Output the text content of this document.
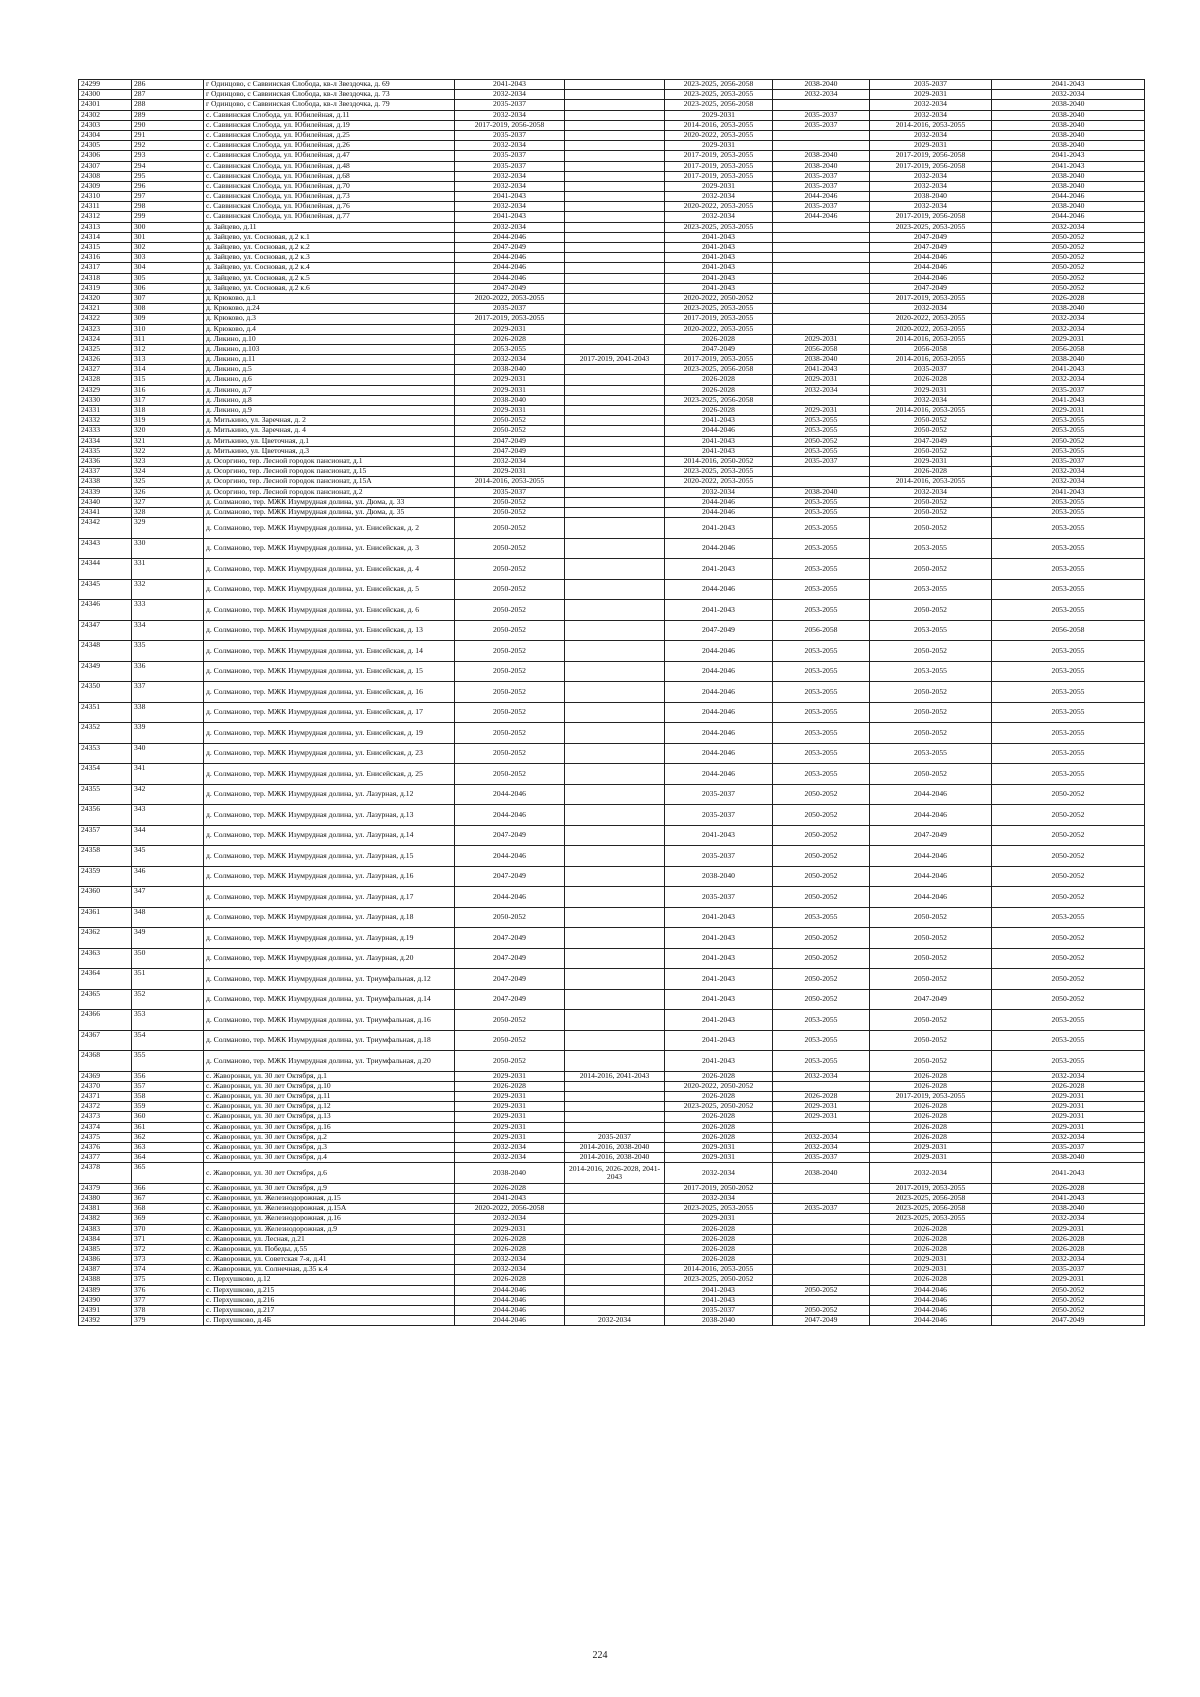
24299	286	г Одинцово, с Саввинская Слобода, кв-л Звездочка, д. 69	2041-2043		2023-2025, 2056-2058	2038-2040	2035-2037	2041-2043
24300	287	г Одинцово, с Саввинская Слобода, кв-л Звездочка, д. 73	2032-2034		2023-2025, 2053-2055	2032-2034	2029-2031	2032-2034
24301	288	г Одинцово, с Саввинская Слобода, кв-л Звездочка, д. 79	2035-2037		2023-2025, 2056-2058		2032-2034	2038-2040
24302	289	с. Саввинская Слобода, ул. Юбилейная, д.11	2032-2034		2029-2031	2035-2037	2032-2034	2038-2040
24303	290	с. Саввинская Слобода, ул. Юбилейная, д.19	2017-2019, 2056-2058		2014-2016, 2053-2055	2035-2037	2014-2016, 2053-2055	2038-2040
24304	291	с. Саввинская Слобода, ул. Юбилейная, д.25	2035-2037		2020-2022, 2053-2055		2032-2034	2038-2040
24305	292	с. Саввинская Слобода, ул. Юбилейная, д.26	2032-2034		2029-2031		2029-2031	2038-2040
24306	293	с. Саввинская Слобода, ул. Юбилейная, д.47	2035-2037		2017-2019, 2053-2055	2038-2040	2017-2019, 2056-2058	2041-2043
24307	294	с. Саввинская Слобода, ул. Юбилейная, д.48	2035-2037		2017-2019, 2053-2055	2038-2040	2017-2019, 2056-2058	2041-2043
24308	295	с. Саввинская Слобода, ул. Юбилейная, д.68	2032-2034		2017-2019, 2053-2055	2035-2037	2032-2034	2038-2040
24309	296	с. Саввинская Слобода, ул. Юбилейная, д.70	2032-2034		2029-2031	2035-2037	2032-2034	2038-2040
24310	297	с. Саввинская Слобода, ул. Юбилейная, д.73	2041-2043		2032-2034	2044-2046	2038-2040	2044-2046
24311	298	с. Саввинская Слобода, ул. Юбилейная, д.76	2032-2034		2020-2022, 2053-2055	2035-2037	2032-2034	2038-2040
24312	299	с. Саввинская Слобода, ул. Юбилейная, д.77	2041-2043		2032-2034	2044-2046	2017-2019, 2056-2058	2044-2046
24313	300	д. Зайцево, д.11	2032-2034		2023-2025, 2053-2055		2023-2025, 2053-2055	2032-2034
24314	301	д. Зайцево, ул. Сосновая, д.2 к.1	2044-2046		2041-2043		2047-2049	2050-2052
24315	302	д. Зайцево, ул. Сосновая, д.2 к.2	2047-2049		2041-2043		2047-2049	2050-2052
24316	303	д. Зайцево, ул. Сосновая, д.2 к.3	2044-2046		2041-2043		2044-2046	2050-2052
24317	304	д. Зайцево, ул. Сосновая, д.2 к.4	2044-2046		2041-2043		2044-2046	2050-2052
24318	305	д. Зайцево, ул. Сосновая, д.2 к.5	2044-2046		2041-2043		2044-2046	2050-2052
24319	306	д. Зайцево, ул. Сосновая, д.2 к.6	2047-2049		2041-2043		2047-2049	2050-2052
24320	307	д. Крюково, д.1	2020-2022, 2053-2055		2020-2022, 2050-2052		2017-2019, 2053-2055	2026-2028
24321	308	д. Крюково, д.24	2035-2037		2023-2025, 2053-2055		2032-2034	2038-2040
24322	309	д. Крюково, д.3	2017-2019, 2053-2055		2017-2019, 2053-2055		2020-2022, 2053-2055	2032-2034
24323	310	д. Крюково, д.4	2029-2031		2020-2022, 2053-2055		2020-2022, 2053-2055	2032-2034
24324	311	д. Ликино, д.10	2026-2028		2026-2028	2029-2031	2014-2016, 2053-2055	2029-2031
24325	312	д. Ликино, д.103	2053-2055		2047-2049	2056-2058	2056-2058	2056-2058
24326	313	д. Ликино, д.11	2032-2034	2017-2019, 2041-2043	2017-2019, 2053-2055	2038-2040	2014-2016, 2053-2055	2038-2040
24327	314	д. Ликино, д.5	2038-2040		2023-2025, 2056-2058	2041-2043	2035-2037	2041-2043
24328	315	д. Ликино, д.6	2029-2031		2026-2028	2029-2031	2026-2028	2032-2034
24329	316	д. Ликино, д.7	2029-2031		2026-2028	2032-2034	2029-2031	2035-2037
24330	317	д. Ликино, д.8	2038-2040		2023-2025, 2056-2058		2032-2034	2041-2043
24331	318	д. Ликино, д.9	2029-2031		2026-2028	2029-2031	2014-2016, 2053-2055	2029-2031
24332	319	д. Митькино, ул. Заречная, д. 2	2050-2052		2041-2043	2053-2055	2050-2052	2053-2055
24333	320	д. Митькино, ул. Заречная, д. 4	2050-2052		2044-2046	2053-2055	2050-2052	2053-2055
24334	321	д. Митькино, ул. Цветочная, д.1	2047-2049		2041-2043	2050-2052	2047-2049	2050-2052
24335	322	д. Митькино, ул. Цветочная, д.3	2047-2049		2041-2043	2053-2055	2050-2052	2053-2055
24336	323	д. Осоргино, тер. Лесной городок пансионат, д.1	2032-2034		2014-2016, 2050-2052	2035-2037	2029-2031	2035-2037
24337	324	д. Осоргино, тер. Лесной городок пансионат, д.15	2029-2031		2023-2025, 2053-2055		2026-2028	2032-2034
24338	325	д. Осоргино, тер. Лесной городок пансионат, д.15А	2014-2016, 2053-2055		2020-2022, 2053-2055		2014-2016, 2053-2055	2032-2034
24339	326	д. Осоргино, тер. Лесной городок пансионат, д.2	2035-2037		2032-2034	2038-2040	2032-2034	2041-2043
24340	327	д. Солманово, тер. МЖК Изумрудная долина, ул. Дюма, д. 33	2050-2052		2044-2046	2053-2055	2050-2052	2053-2055
24341	328	д. Солманово, тер. МЖК Изумрудная долина, ул. Дюма, д. 35	2050-2052		2044-2046	2053-2055	2050-2052	2053-2055
24342	329	д. Солманово, тер. МЖК Изумрудная долина, ул. Енисейская, д. 2	2050-2052		2041-2043	2053-2055	2050-2052	2053-2055
24343	330	д. Солманово, тер. МЖК Изумрудная долина, ул. Енисейская, д. 3	2050-2052		2044-2046	2053-2055	2053-2055	2053-2055
24344	331	д. Солманово, тер. МЖК Изумрудная долина, ул. Енисейская, д. 4	2050-2052		2041-2043	2053-2055	2050-2052	2053-2055
24345	332	д. Солманово, тер. МЖК Изумрудная долина, ул. Енисейская, д. 5	2050-2052		2044-2046	2053-2055	2053-2055	2053-2055
24346	333	д. Солманово, тер. МЖК Изумрудная долина, ул. Енисейская, д. 6	2050-2052		2041-2043	2053-2055	2050-2052	2053-2055
24347	334	д. Солманово, тер. МЖК Изумрудная долина, ул. Енисейская, д. 13	2050-2052		2047-2049	2056-2058	2053-2055	2056-2058
24348	335	д. Солманово, тер. МЖК Изумрудная долина, ул. Енисейская, д. 14	2050-2052		2044-2046	2053-2055	2050-2052	2053-2055
24349	336	д. Солманово, тер. МЖК Изумрудная долина, ул. Енисейская, д. 15	2050-2052		2044-2046	2053-2055	2053-2055	2053-2055
24350	337	д. Солманово, тер. МЖК Изумрудная долина, ул. Енисейская, д. 16	2050-2052		2044-2046	2053-2055	2050-2052	2053-2055
24351	338	д. Солманово, тер. МЖК Изумрудная долина, ул. Енисейская, д. 17	2050-2052		2044-2046	2053-2055	2050-2052	2053-2055
24352	339	д. Солманово, тер. МЖК Изумрудная долина, ул. Енисейская, д. 19	2050-2052		2044-2046	2053-2055	2050-2052	2053-2055
24353	340	д. Солманово, тер. МЖК Изумрудная долина, ул. Енисейская, д. 23	2050-2052		2044-2046	2053-2055	2053-2055	2053-2055
24354	341	д. Солманово, тер. МЖК Изумрудная долина, ул. Енисейская, д. 25	2050-2052		2044-2046	2053-2055	2050-2052	2053-2055
24355	342	д. Солманово, тер. МЖК Изумрудная долина, ул. Лазурная, д.12	2044-2046		2035-2037	2050-2052	2044-2046	2050-2052
24356	343	д. Солманово, тер. МЖК Изумрудная долина, ул. Лазурная, д.13	2044-2046		2035-2037	2050-2052	2044-2046	2050-2052
24357	344	д. Солманово, тер. МЖК Изумрудная долина, ул. Лазурная, д.14	2047-2049		2041-2043	2050-2052	2047-2049	2050-2052
24358	345	д. Солманово, тер. МЖК Изумрудная долина, ул. Лазурная, д.15	2044-2046		2035-2037	2050-2052	2044-2046	2050-2052
24359	346	д. Солманово, тер. МЖК Изумрудная долина, ул. Лазурная, д.16	2047-2049		2038-2040	2050-2052	2044-2046	2050-2052
24360	347	д. Солманово, тер. МЖК Изумрудная долина, ул. Лазурная, д.17	2044-2046		2035-2037	2050-2052	2044-2046	2050-2052
24361	348	д. Солманово, тер. МЖК Изумрудная долина, ул. Лазурная, д.18	2050-2052		2041-2043	2053-2055	2050-2052	2053-2055
24362	349	д. Солманово, тер. МЖК Изумрудная долина, ул. Лазурная, д.19	2047-2049		2041-2043	2050-2052	2050-2052	2050-2052
24363	350	д. Солманово, тер. МЖК Изумрудная долина, ул. Лазурная, д.20	2047-2049		2041-2043	2050-2052	2050-2052	2050-2052
24364	351	д. Солманово, тер. МЖК Изумрудная долина, ул. Триумфальная, д.12	2047-2049		2041-2043	2050-2052	2050-2052	2050-2052
24365	352	д. Солманово, тер. МЖК Изумрудная долина, ул. Триумфальная, д.14	2047-2049		2041-2043	2050-2052	2047-2049	2050-2052
24366	353	д. Солманово, тер. МЖК Изумрудная долина, ул. Триумфальная, д.16	2050-2052		2041-2043	2053-2055	2050-2052	2053-2055
24367	354	д. Солманово, тер. МЖК Изумрудная долина, ул. Триумфальная, д.18	2050-2052		2041-2043	2053-2055	2050-2052	2053-2055
24368	355	д. Солманово, тер. МЖК Изумрудная долина, ул. Триумфальная, д.20	2050-2052		2041-2043	2053-2055	2050-2052	2053-2055
24369	356	с. Жаворонки, ул. 30 лет Октября, д.1	2029-2031	2014-2016, 2041-2043	2026-2028	2032-2034	2026-2028	2032-2034
24370	357	с. Жаворонки, ул. 30 лет Октября, д.10	2026-2028		2020-2022, 2050-2052		2026-2028	2026-2028
24371	358	с. Жаворонки, ул. 30 лет Октября, д.11	2029-2031		2026-2028	2026-2028	2017-2019, 2053-2055	2029-2031
24372	359	с. Жаворонки, ул. 30 лет Октября, д.12	2029-2031		2023-2025, 2050-2052	2029-2031	2026-2028	2029-2031
24373	360	с. Жаворонки, ул. 30 лет Октября, д.13	2029-2031		2026-2028	2029-2031	2026-2028	2029-2031
24374	361	с. Жаворонки, ул. 30 лет Октября, д.16	2029-2031		2026-2028		2026-2028	2029-2031
24375	362	с. Жаворонки, ул. 30 лет Октября, д.2	2029-2031	2035-2037	2026-2028	2032-2034	2026-2028	2032-2034
24376	363	с. Жаворонки, ул. 30 лет Октября, д.3	2032-2034	2014-2016, 2038-2040	2029-2031	2032-2034	2029-2031	2035-2037
24377	364	с. Жаворонки, ул. 30 лет Октября, д.4	2032-2034	2014-2016, 2038-2040	2029-2031	2035-2037	2029-2031	2038-2040
24378	365	с. Жаворонки, ул. 30 лет Октября, д.6	2038-2040	2014-2016, 2026-2028, 2041-2043	2032-2034	2038-2040	2032-2034	2041-2043
24379	366	с. Жаворонки, ул. 30 лет Октября, д.9	2026-2028		2017-2019, 2050-2052		2017-2019, 2053-2055	2026-2028
24380	367	с. Жаворонки, ул. Железнодорожная, д.15	2041-2043		2032-2034		2023-2025, 2056-2058	2041-2043
24381	368	с. Жаворонки, ул. Железнодорожная, д.15А	2020-2022, 2056-2058		2023-2025, 2053-2055	2035-2037	2023-2025, 2056-2058	2038-2040
24382	369	с. Жаворонки, ул. Железнодорожная, д.16	2032-2034		2029-2031		2023-2025, 2053-2055	2032-2034
24383	370	с. Жаворонки, ул. Железнодорожная, д.9	2029-2031		2026-2028		2026-2028	2029-2031
24384	371	с. Жаворонки, ул. Лесная, д.21	2026-2028		2026-2028		2026-2028	2026-2028
24385	372	с. Жаворонки, ул. Победы, д.55	2026-2028		2026-2028		2026-2028	2026-2028
24386	373	с. Жаворонки, ул. Советская 7-я, д.41	2032-2034		2026-2028		2029-2031	2032-2034
24387	374	с. Жаворонки, ул. Солнечная, д.35 к.4	2032-2034		2014-2016, 2053-2055		2029-2031	2035-2037
24388	375	с. Перхушково, д.12	2026-2028		2023-2025, 2050-2052		2026-2028	2029-2031
24389	376	с. Перхушково, д.215	2044-2046		2041-2043	2050-2052	2044-2046	2050-2052
24390	377	с. Перхушково, д.216	2044-2046		2041-2043		2044-2046	2050-2052
24391	378	с. Перхушково, д.217	2044-2046		2035-2037	2050-2052	2044-2046	2050-2052
24392	379	с. Перхушково, д.4Б	2044-2046	2032-2034	2038-2040	2047-2049	2044-2046	2047-2049
224
